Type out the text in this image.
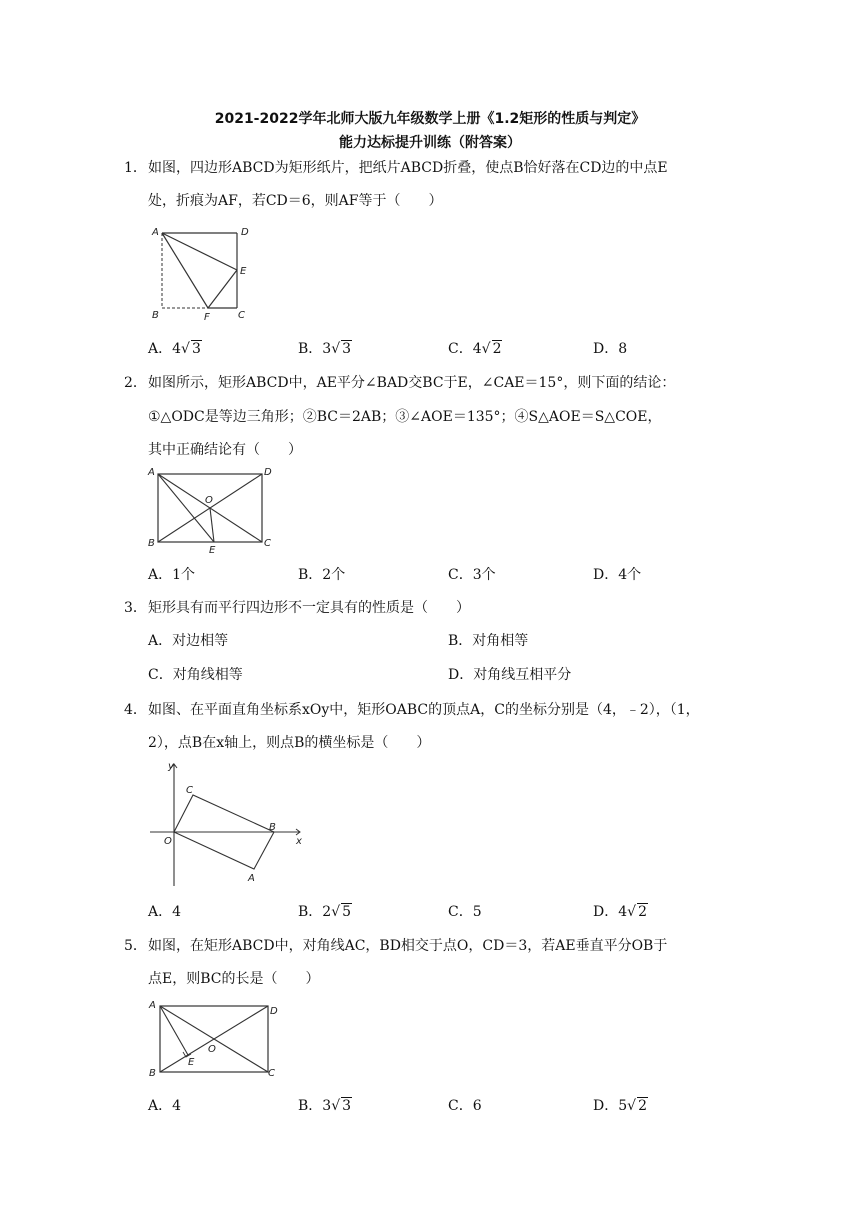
2021-2022学年北师大版九年级数学上册《1.2矩形的性质与判定》
能力达标提升训练（附答案）
1． 如图，四边形ABCD为矩形纸片，把纸片ABCD折叠，使点B恰好落在CD边的中点E
处，折痕为AF，若CD＝6，则AF等于（　　）
A	D
E
B	F	C
A．4√ 3	B．3√ 3	C．4√ 2	D．8
2． 如图所示，矩形ABCD中，AE平分∠BAD交BC于E，∠CAE＝15°，则下面的结论：
①△ODC是等边三角形；②BC＝2AB；③∠AOE＝135°；④S△AOE＝S△COE，
其中正确结论有（　　）
A	D
O
B
E
C
A．1个	B．2个	C．3个	D．4个
3． 矩形具有而平行四边形不一定具有的性质是（　　）
A．对边相等	B．对角相等
C．对角线相等	D．对角线互相平分
4． 如图、在平面直角坐标系xOy中，矩形OABC的顶点A，C的坐标分别是（4，﹣2），（1，
2），点B在x轴上，则点B的横坐标是（　　）
y
C
B
O	x
A
A．4	B．2√ 5	C．5	D．4√ 2
5． 如图，在矩形ABCD中，对角线AC，BD相交于点O，CD＝3，若AE垂直平分OB于
点E，则BC的长是（　　）
A
D
O
E
B	C
A．4	B．3√ 3	C．6	D．5√ 2
